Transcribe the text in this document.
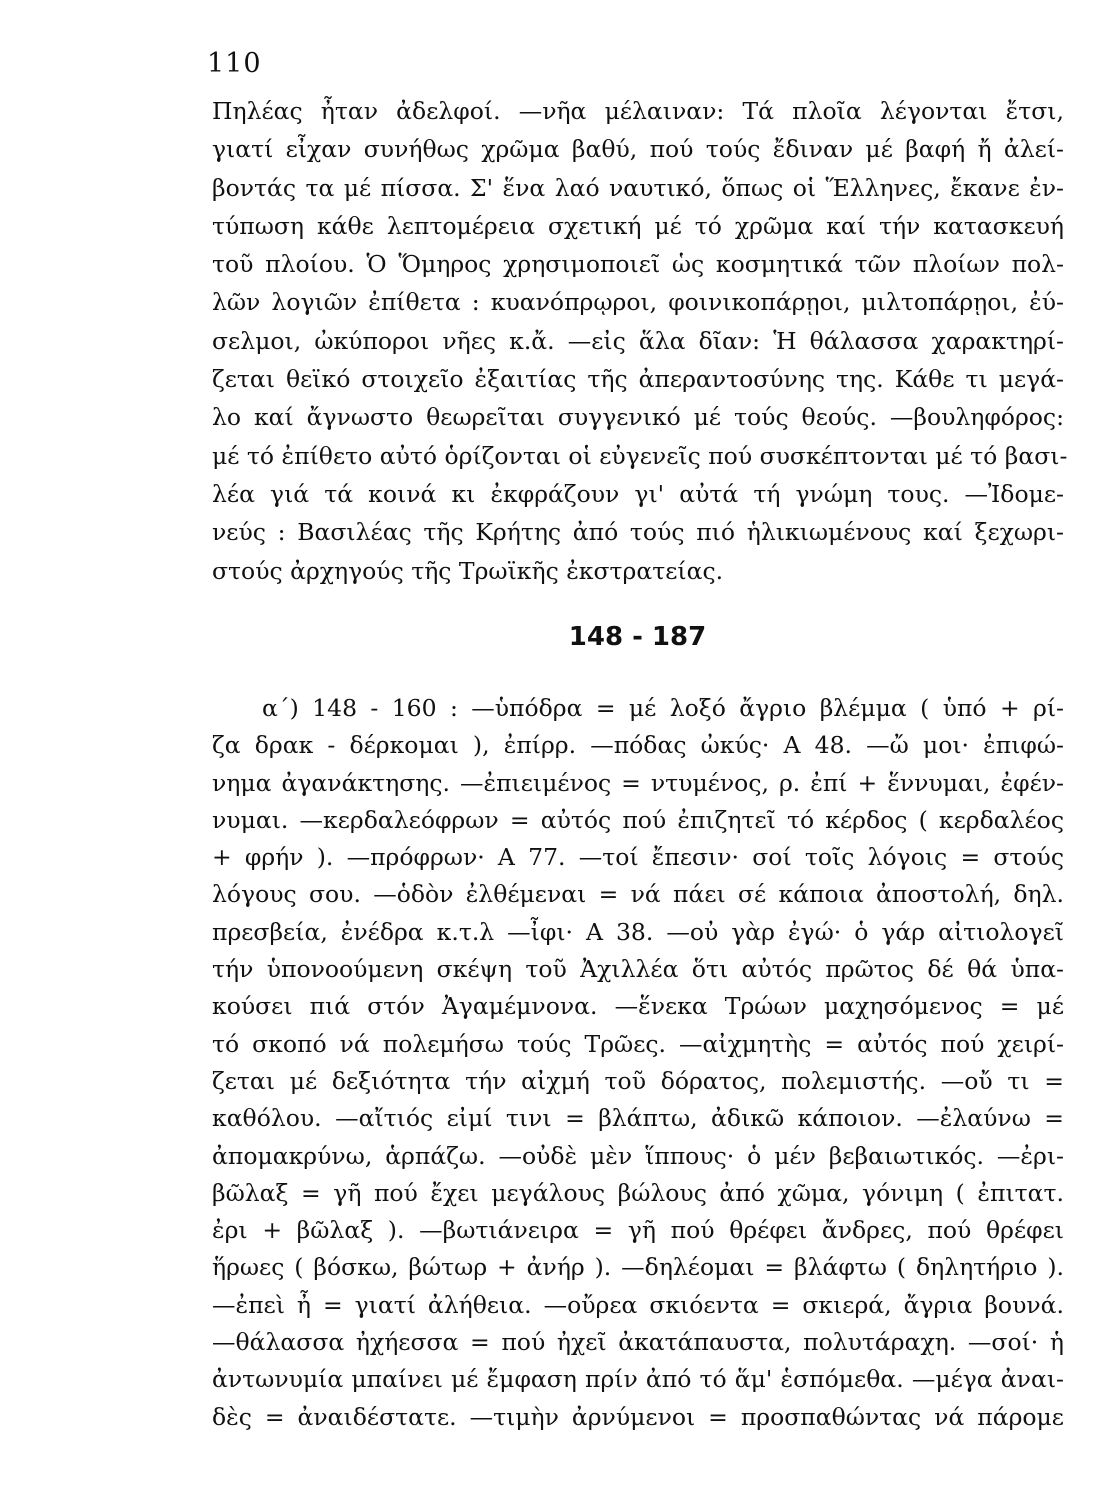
110
Πηλέας ἦταν ἀδελφοί. —νῆα μέλαιναν: Τά πλοῖα λέγονται ἔτσι,
γιατί εἶχαν συνήθως χρῶμα βαθύ, πού τούς ἔδιναν μέ βαφή ἤ ἀλεί-
βοντάς τα μέ πίσσα. Σ' ἕνα λαό ναυτικό, ὅπως οἱ Ἕλληνες, ἔκανε ἐν-
τύπωση κάθε λεπτομέρεια σχετική μέ τό χρῶμα καί τήν κατασκευή
τοῦ πλοίου. Ὁ Ὅμηρος χρησιμοποιεῖ ὡς κοσμητικά τῶν πλοίων πολ-
λῶν λογιῶν ἐπίθετα : κυανόπρῳροι, φοινικοπάρῃοι, μιλτοπάρῃοι, ἐύ-
σελμοι, ὠκύποροι νῆες κ.ἄ. —εἰς ἅλα δῖαν: Ἡ θάλασσα χαρακτηρί-
ζεται θεϊκό στοιχεῖο ἐξαιτίας τῆς ἀπεραντοσύνης της. Κάθε τι μεγά-
λο καί ἄγνωστο θεωρεῖται συγγενικό μέ τούς θεούς. —βουληφόρος:
μέ τό ἐπίθετο αὐτό ὁρίζονται οἱ εὐγενεῖς πού συσκέπτονται μέ τό βασι-
λέα γιά τά κοινά κι ἐκφράζουν γι' αὐτά τή γνώμη τους. —Ἰδομε-
νεύς : Βασιλέας τῆς Κρήτης ἀπό τούς πιό ἡλικιωμένους καί ξεχωρι-
στούς ἀρχηγούς τῆς Τρωϊκῆς ἐκστρατείας.
148 - 187
α΄) 148 - 160 : —ὑπόδρα = μέ λοξό ἄγριο βλέμμα ( ὑπό + ρί-
ζα δρακ - δέρκομαι ), ἐπίρρ. —πόδας ὠκύς· Α 48. —ὤ μοι· ἐπιφώ-
νημα ἀγανάκτησης. —ἐπιειμένος = ντυμένος, ρ. ἐπί + ἕννυμαι, ἐφέν-
νυμαι. —κερδαλεόφρων = αὐτός πού ἐπιζητεῖ τό κέρδος ( κερδαλέος
+ φρήν ). —πρόφρων· Α 77. —τοί ἔπεσιν· σοί τοῖς λόγοις = στούς
λόγους σου. —ὁδὸν ἐλθέμεναι = νά πάει σέ κάποια ἀποστολή, δηλ.
πρεσβεία, ἐνέδρα κ.τ.λ —ἶφι· Α 38. —οὐ γὰρ ἐγώ· ὁ γάρ αἰτιολογεῖ
τήν ὑπονοούμενη σκέψη τοῦ Ἀχιλλέα ὅτι αὐτός πρῶτος δέ θά ὑπα-
κούσει πιά στόν Ἀγαμέμνονα. —ἕνεκα Τρώων μαχησόμενος = μέ
τό σκοπό νά πολεμήσω τούς Τρῶες. —αἰχμητὴς = αὐτός πού χειρί-
ζεται μέ δεξιότητα τήν αἰχμή τοῦ δόρατος, πολεμιστής. —οὔ τι =
καθόλου. —αἴτιός εἰμί τινι = βλάπτω, ἀδικῶ κάποιον. —ἐλαύνω =
ἀπομακρύνω, ἁρπάζω. —οὐδὲ μὲν ἵππους· ὁ μέν βεβαιωτικός. —ἐρι-
βῶλαξ = γῆ πού ἔχει μεγάλους βώλους ἀπό χῶμα, γόνιμη ( ἐπιτατ.
ἐρι + βῶλαξ ). —βωτιάνειρα = γῆ πού θρέφει ἄνδρες, πού θρέφει
ἥρωες ( βόσκω, βώτωρ + ἀνήρ ). —δηλέομαι = βλάφτω ( δηλητήριο ).
—ἐπεὶ ἦ = γιατί ἀλήθεια. —οὔρεα σκιόεντα = σκιερά, ἄγρια βουνά.
—θάλασσα ἠχήεσσα = πού ἠχεῖ ἀκατάπαυστα, πολυτάραχη. —σοί· ἡ
ἀντωνυμία μπαίνει μέ ἔμφαση πρίν ἀπό τό ἅμ' ἑσπόμεθα. —μέγα ἀναι-
δὲς = ἀναιδέστατε. —τιμὴν ἀρνύμενοι = προσπαθώντας νά πάρομε
